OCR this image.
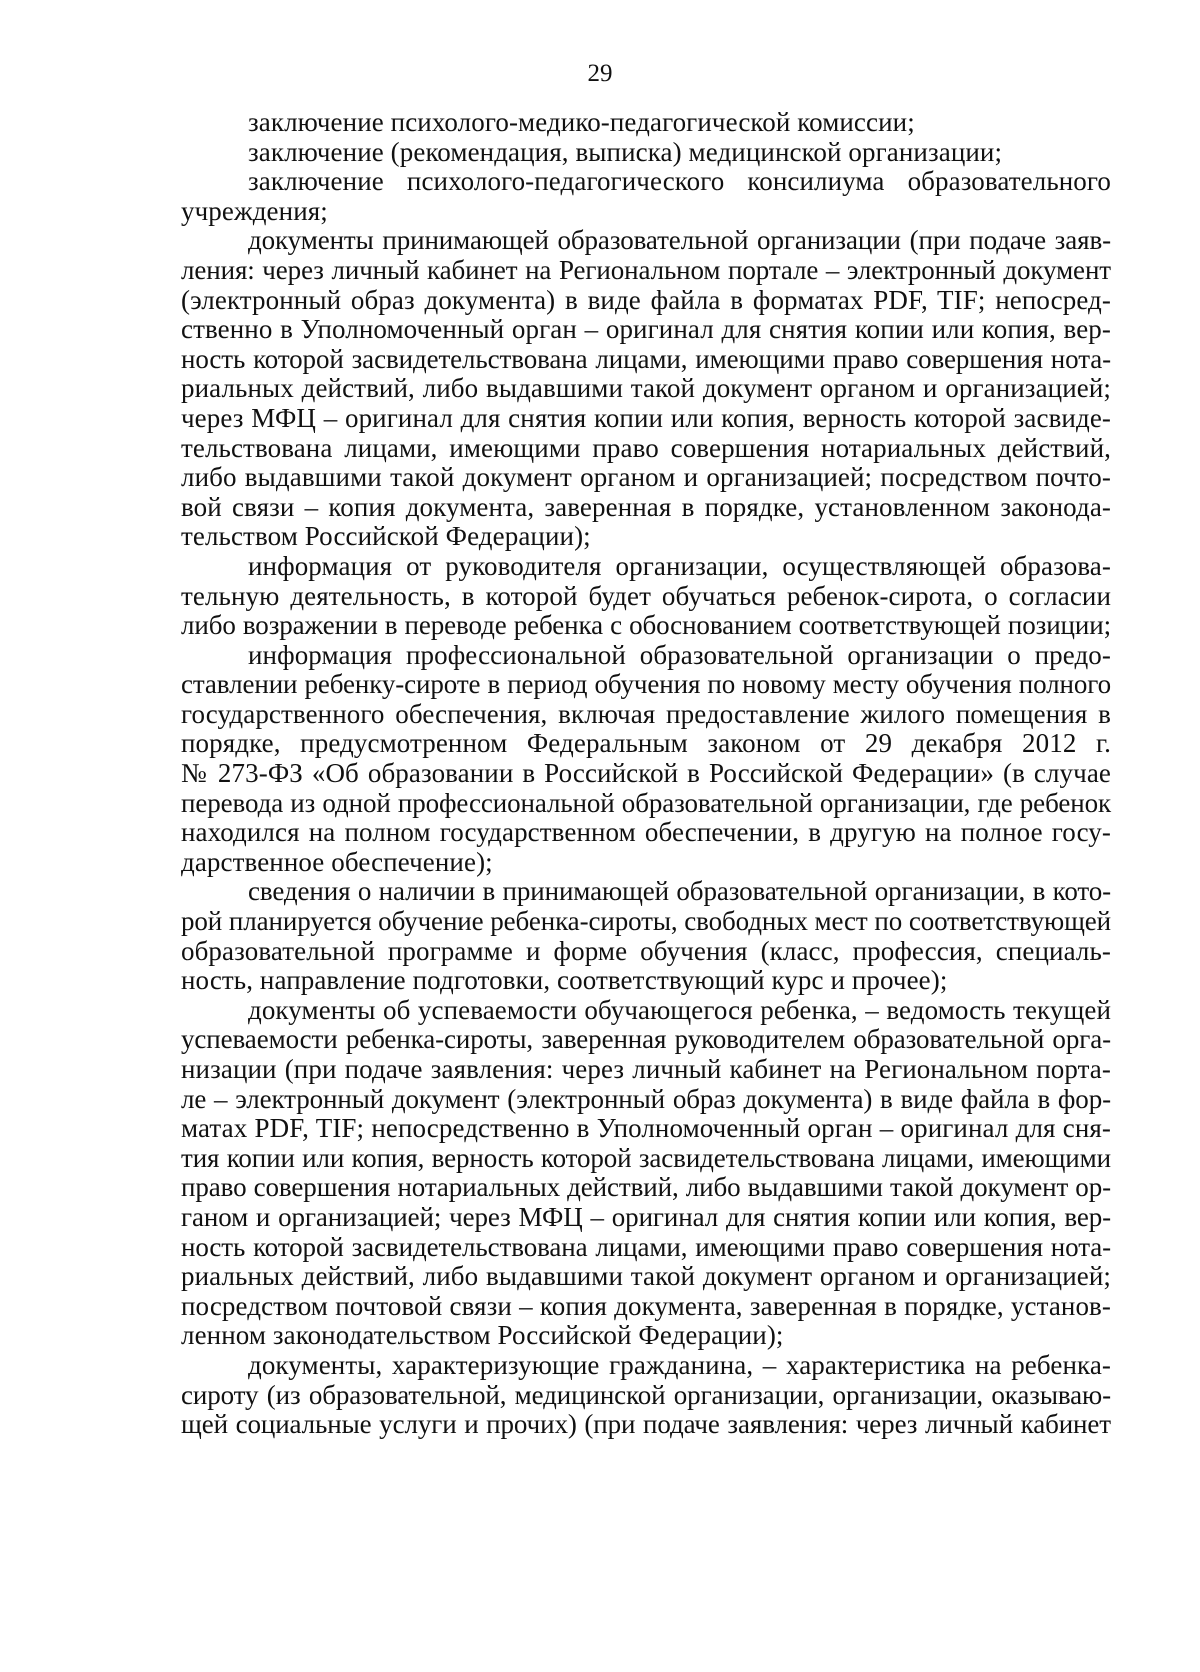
29
заключение психолого-медико-педагогической комиссии;
заключение (рекомендация, выписка) медицинской организации;
заключение психолого-педагогического консилиума образовательного
учреждения;
документы принимающей образовательной организации (при подаче заяв-
ления: через личный кабинет на Региональном портале – электронный документ
(электронный образ документа) в виде файла в форматах PDF, TIF; непосред-
ственно в Уполномоченный орган – оригинал для снятия копии или копия, вер-
ность которой засвидетельствована лицами, имеющими право совершения нота-
риальных действий, либо выдавшими такой документ органом и организацией;
через МФЦ – оригинал для снятия копии или копия, верность которой засвиде-
тельствована лицами, имеющими право совершения нотариальных действий,
либо выдавшими такой документ органом и организацией; посредством почто-
вой связи – копия документа, заверенная в порядке, установленном законода-
тельством Российской Федерации);
информация от руководителя организации, осуществляющей образова-
тельную деятельность, в которой будет обучаться ребенок-сирота, о согласии
либо возражении в переводе ребенка с обоснованием соответствующей позиции;
информация профессиональной образовательной организации о предо-
ставлении ребенку-сироте в период обучения по новому месту обучения полного
государственного обеспечения, включая предоставление жилого помещения в
порядке, предусмотренном Федеральным законом от 29 декабря 2012 г.
№ 273-ФЗ «Об образовании в Российской в Российской Федерации» (в случае
перевода из одной профессиональной образовательной организации, где ребенок
находился на полном государственном обеспечении, в другую на полное госу-
дарственное обеспечение);
сведения о наличии в принимающей образовательной организации, в кото-
рой планируется обучение ребенка-сироты, свободных мест по соответствующей
образовательной программе и форме обучения (класс, профессия, специаль-
ность, направление подготовки, соответствующий курс и прочее);
документы об успеваемости обучающегося ребенка, – ведомость текущей
успеваемости ребенка-сироты, заверенная руководителем образовательной орга-
низации (при подаче заявления: через личный кабинет на Региональном порта-
ле – электронный документ (электронный образ документа) в виде файла в фор-
матах PDF, TIF; непосредственно в Уполномоченный орган – оригинал для сня-
тия копии или копия, верность которой засвидетельствована лицами, имеющими
право совершения нотариальных действий, либо выдавшими такой документ ор-
ганом и организацией; через МФЦ – оригинал для снятия копии или копия, вер-
ность которой засвидетельствована лицами, имеющими право совершения нота-
риальных действий, либо выдавшими такой документ органом и организацией;
посредством почтовой связи – копия документа, заверенная в порядке, установ-
ленном законодательством Российской Федерации);
документы, характеризующие гражданина, – характеристика на ребенка-
сироту (из образовательной, медицинской организации, организации, оказываю-
щей социальные услуги и прочих) (при подаче заявления: через личный кабинет
